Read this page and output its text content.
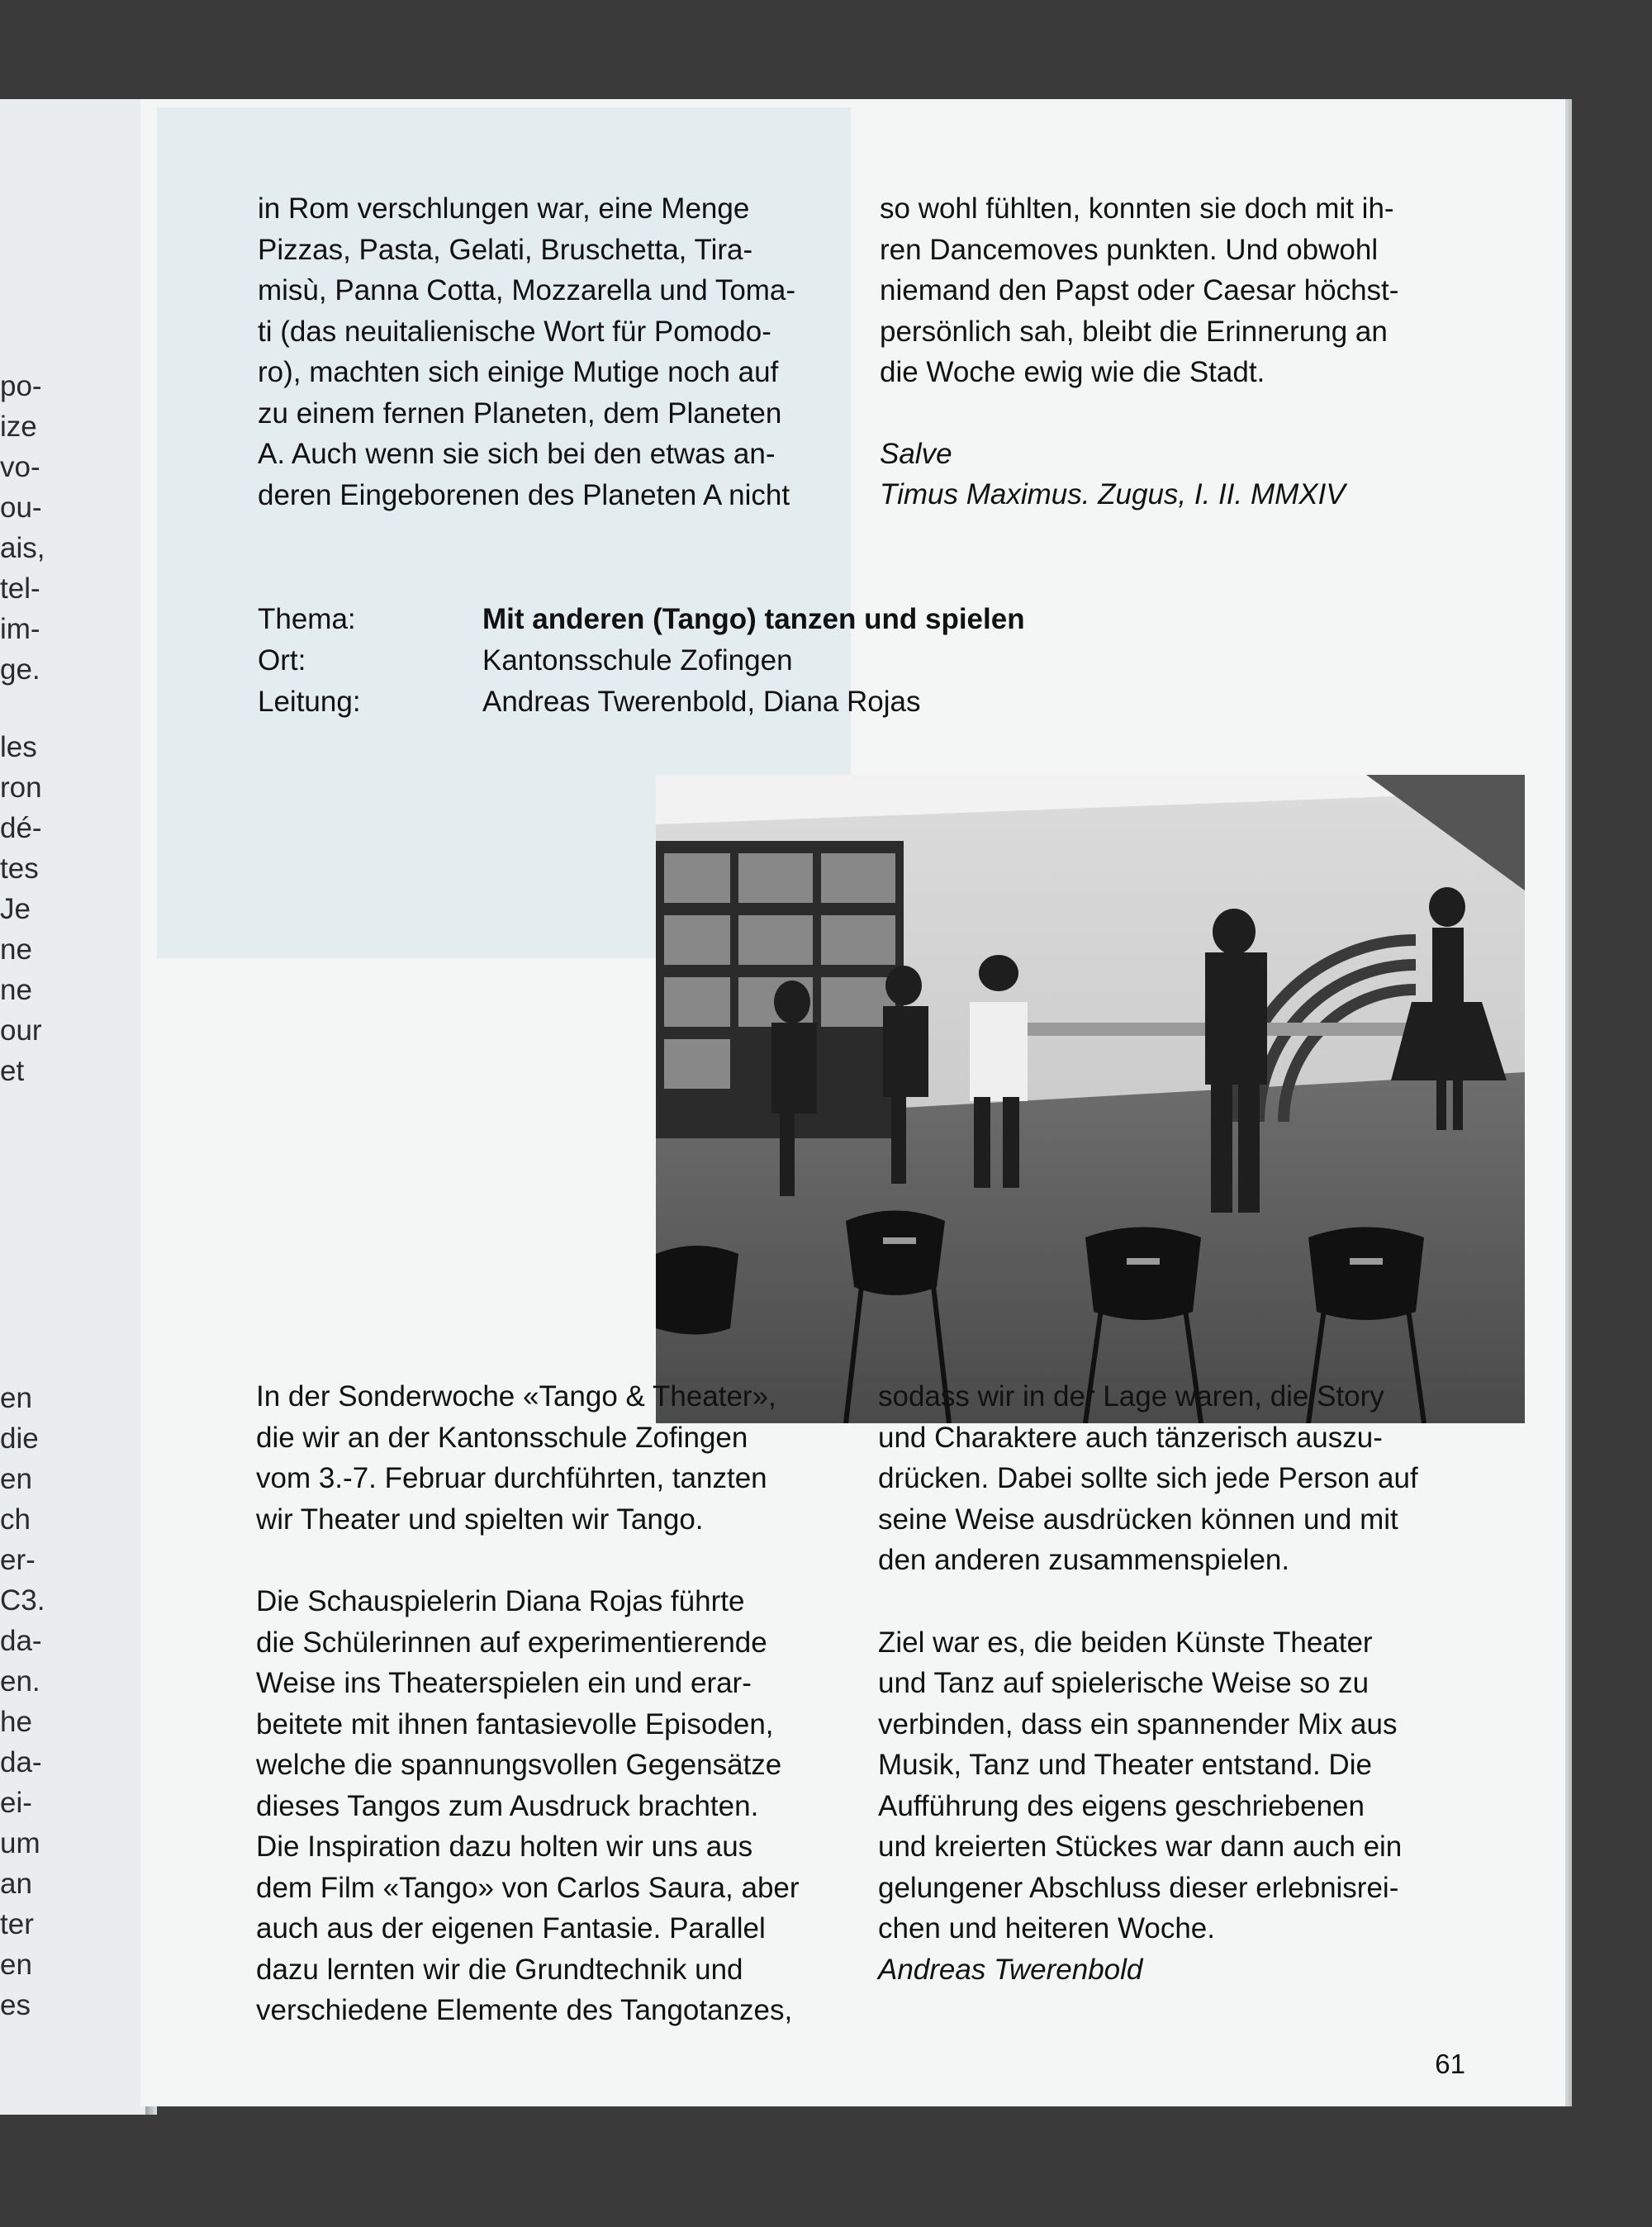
po-
ize
vo-
ou-
ais,
tel-
im-
ge.
les
ron
dé-
tes
Je
ne
ne
our
et
en
die
en
ch
er-
C3.
da-
en.
he
da-
ei-
um
an
ter
en
es

in Rom verschlungen war, eine Menge

Pizzas, Pasta, Gelati, Bruschetta, Tira-

misù, Panna Cotta, Mozzarella und Toma-

ti (das neuitalienische Wort für Pomodo-

ro), machten sich einige Mutige noch auf

zu einem fernen Planeten, dem Planeten

A. Auch wenn sie sich bei den etwas an-

deren Eingeborenen des Planeten A nicht

so wohl fühlten, konnten sie doch mit ih-

ren Dancemoves punkten. Und obwohl

niemand den Papst oder Caesar höchst-

persönlich sah, bleibt die Erinnerung an

die Woche ewig wie die Stadt.

Salve

Timus Maximus. Zugus, I. II. MMXIV

Thema:	Mit anderen (Tango) tanzen und spielen
Ort:	Kantonsschule Zofingen
Leitung:	Andreas Twerenbold, Diana Rojas

In der Sonderwoche «Tango & Theater»,

die wir an der Kantonsschule Zofingen

vom 3.-7. Februar durchführten, tanzten

wir Theater und spielten wir Tango.

Die Schauspielerin Diana Rojas führte

die Schülerinnen auf experimentierende

Weise ins Theaterspielen ein und erar-

beitete mit ihnen fantasievolle Episoden,

welche die spannungsvollen Gegensätze

dieses Tangos zum Ausdruck brachten.

Die Inspiration dazu holten wir uns aus

dem Film «Tango» von Carlos Saura, aber

auch aus der eigenen Fantasie. Parallel

dazu lernten wir die Grundtechnik und

verschiedene Elemente des Tangotanzes,

sodass wir in der Lage waren, die Story

und Charaktere auch tänzerisch auszu-

drücken. Dabei sollte sich jede Person auf

seine Weise ausdrücken können und mit

den anderen zusammenspielen.

Ziel war es, die beiden Künste Theater

und Tanz auf spielerische Weise so zu

verbinden, dass ein spannender Mix aus

Musik, Tanz und Theater entstand. Die

Aufführung des eigens geschriebenen

und kreierten Stückes war dann auch ein

gelungener Abschluss dieser erlebnisrei-

chen und heiteren Woche.

Andreas Twerenbold

61
